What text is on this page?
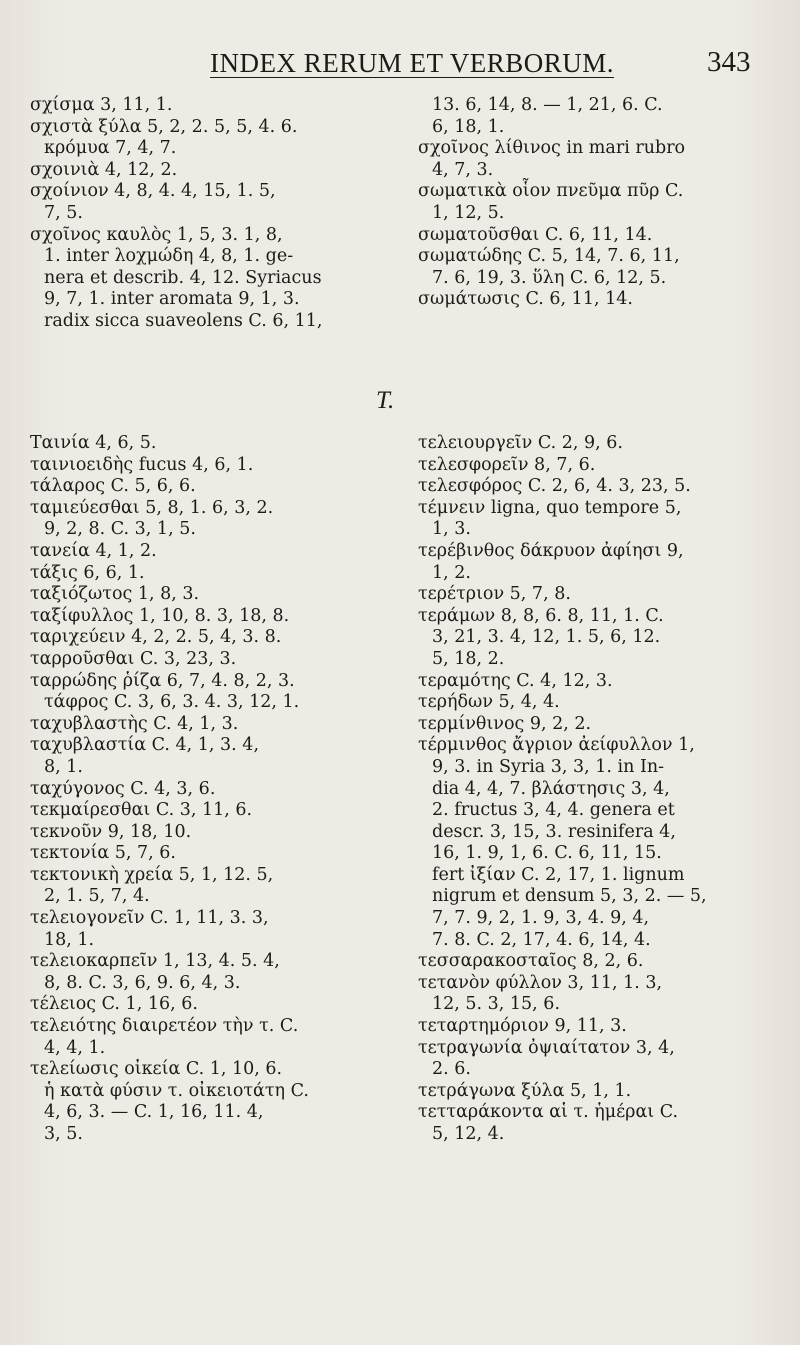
INDEX RERUM ET VERBORUM.	343
σχίσμα 3, 11, 1.
σχιστὰ ξύλα 5, 2, 2. 5, 5, 4. 6.
κρόμυα 7, 4, 7.
σχοινιὰ 4, 12, 2.
σχοίνιον 4, 8, 4. 4, 15, 1. 5,
7, 5.
σχοῖνος καυλὸς 1, 5, 3. 1, 8,
1. inter λοχμώδη 4, 8, 1. ge-
nera et describ. 4, 12. Syriacus
9, 7, 1. inter aromata 9, 1, 3.
radix sicca suaveolens C. 6, 11,
13. 6, 14, 8. — 1, 21, 6. C.
6, 18, 1.
σχοῖνος λίθινος in mari rubro
4, 7, 3.
σωματικὰ οἷον πνεῦμα πῦρ C.
1, 12, 5.
σωματοῦσθαι C. 6, 11, 14.
σωματώδης C. 5, 14, 7. 6, 11,
7. 6, 19, 3. ὕλη C. 6, 12, 5.
σωμάτωσις C. 6, 11, 14.
T.
Ταινία 4, 6, 5.
ταινιοειδὴς fucus 4, 6, 1.
τάλαρος C. 5, 6, 6.
ταμιεύεσθαι 5, 8, 1. 6, 3, 2.
9, 2, 8. C. 3, 1, 5.
τανεία 4, 1, 2.
τάξις 6, 6, 1.
ταξιόζωτος 1, 8, 3.
ταξίφυλλος 1, 10, 8. 3, 18, 8.
ταριχεύειν 4, 2, 2. 5, 4, 3. 8.
ταρροῦσθαι C. 3, 23, 3.
ταρρώδης ῥίζα 6, 7, 4. 8, 2, 3.
τάφρος C. 3, 6, 3. 4. 3, 12, 1.
ταχυβλαστὴς C. 4, 1, 3.
ταχυβλαστία C. 4, 1, 3. 4,
8, 1.
ταχύγονος C. 4, 3, 6.
τεκμαίρεσθαι C. 3, 11, 6.
τεκνοῦν 9, 18, 10.
τεκτονία 5, 7, 6.
τεκτονικὴ χρεία 5, 1, 12. 5,
2, 1. 5, 7, 4.
τελειογονεῖν C. 1, 11, 3. 3,
18, 1.
τελειοκαρπεῖν 1, 13, 4. 5. 4,
8, 8. C. 3, 6, 9. 6, 4, 3.
τέλειος C. 1, 16, 6.
τελειότης διαιρετέον τὴν τ. C.
4, 4, 1.
τελείωσις οἰκεία C. 1, 10, 6.
ἡ κατὰ φύσιν τ. οἰκειοτάτη C.
4, 6, 3. — C. 1, 16, 11. 4,
3, 5.
τελειουργεῖν C. 2, 9, 6.
τελεσφορεῖν 8, 7, 6.
τελεσφόρος C. 2, 6, 4. 3, 23, 5.
τέμνειν ligna, quo tempore 5,
1, 3.
τερέβινθος δάκρυον ἀφίησι 9,
1, 2.
τερέτριον 5, 7, 8.
τεράμων 8, 8, 6. 8, 11, 1. C.
3, 21, 3. 4, 12, 1. 5, 6, 12.
5, 18, 2.
τεραμότης C. 4, 12, 3.
τερήδων 5, 4, 4.
τερμίνθινος 9, 2, 2.
τέρμινθος ἄγριον ἀείφυλλον 1,
9, 3. in Syria 3, 3, 1. in In-
dia 4, 4, 7. βλάστησις 3, 4,
2. fructus 3, 4, 4. genera et
descr. 3, 15, 3. resinifera 4,
16, 1. 9, 1, 6. C. 6, 11, 15.
fert ἰξίαν C. 2, 17, 1. lignum
nigrum et densum 5, 3, 2. — 5,
7, 7. 9, 2, 1. 9, 3, 4. 9, 4,
7. 8. C. 2, 17, 4. 6, 14, 4.
τεσσαρακοσταῖος 8, 2, 6.
τετανὸν φύλλον 3, 11, 1. 3,
12, 5. 3, 15, 6.
τεταρτημόριον 9, 11, 3.
τετραγωνία ὀψιαίτατον 3, 4,
2. 6.
τετράγωνα ξύλα 5, 1, 1.
τετταράκοντα αἱ τ. ἡμέραι C.
5, 12, 4.
